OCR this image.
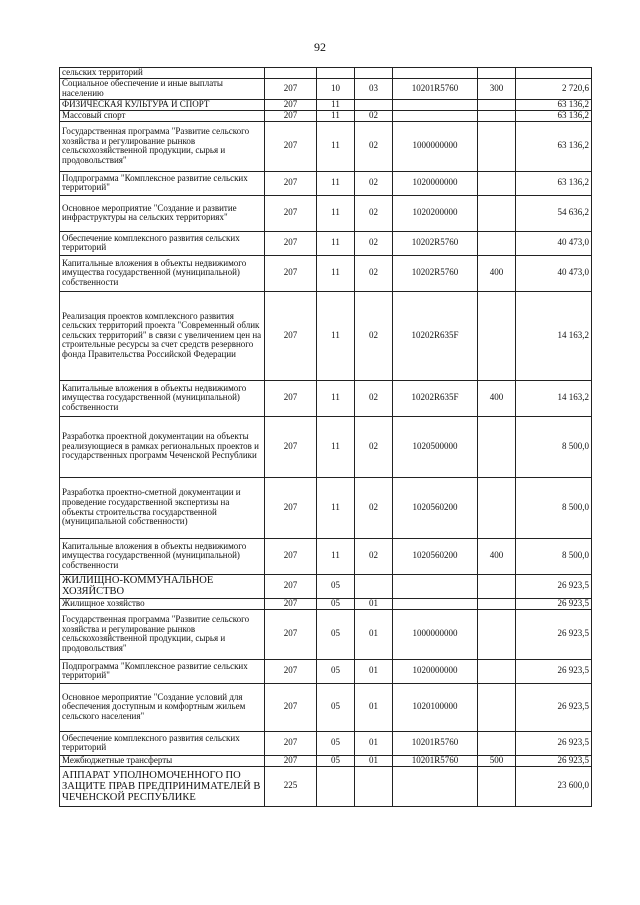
92
сельских территорий						
Социальное обеспечение и иные выплаты населению	207	10	03	10201R5760	300	2 720,6
ФИЗИЧЕСКАЯ КУЛЬТУРА И СПОРТ	207	11				63 136,2
Массовый спорт	207	11	02			63 136,2
Государственная программа "Развитие сельского хозяйства и регулирование рынков сельскохозяйственной продукции, сырья и продовольствия"	207	11	02	1000000000		63 136,2
Подпрограмма "Комплексное развитие сельских территорий"	207	11	02	1020000000		63 136,2
Основное мероприятие "Создание и развитие инфраструктуры на сельских территориях"	207	11	02	1020200000		54 636,2
Обеспечение комплексного развития сельских территорий	207	11	02	10202R5760		40 473,0
Капитальные вложения в объекты недвижимого имущества государственной (муниципальной) собственности	207	11	02	10202R5760	400	40 473,0
Реализация проектов комплексного развития сельских территорий проекта "Современный облик сельских территорий" в связи с увеличением цен на строительные ресурсы за счет средств резервного фонда Правительства Российской Федерации	207	11	02	10202R635F		14 163,2
Капитальные вложения в объекты недвижимого имущества государственной (муниципальной) собственности	207	11	02	10202R635F	400	14 163,2
Разработка проектной документации на объекты реализующиеся в рамках региональных проектов и государственных программ Чеченской Республики	207	11	02	1020500000		8 500,0
Разработка проектно-сметной документации и проведение государственной экспертизы на объекты строительства государственной (муниципальной собственности)	207	11	02	1020560200		8 500,0
Капитальные вложения в объекты недвижимого имущества государственной (муниципальной) собственности	207	11	02	1020560200	400	8 500,0
ЖИЛИЩНО-КОММУНАЛЬНОЕ ХОЗЯЙСТВО	207	05				26 923,5
Жилищное хозяйство	207	05	01			26 923,5
Государственная программа "Развитие сельского хозяйства и регулирование рынков сельскохозяйственной продукции, сырья и продовольствия"	207	05	01	1000000000		26 923,5
Подпрограмма "Комплексное развитие сельских территорий"	207	05	01	1020000000		26 923,5
Основное мероприятие "Создание условий для обеспечения доступным и комфортным жильем сельского населения"	207	05	01	1020100000		26 923,5
Обеспечение комплексного развития сельских территорий	207	05	01	10201R5760		26 923,5
Межбюджетные трансферты	207	05	01	10201R5760	500	26 923,5
АППАРАТ УПОЛНОМОЧЕННОГО ПО ЗАЩИТЕ ПРАВ ПРЕДПРИНИМАТЕЛЕЙ В ЧЕЧЕНСКОЙ РЕСПУБЛИКЕ	225					23 600,0
